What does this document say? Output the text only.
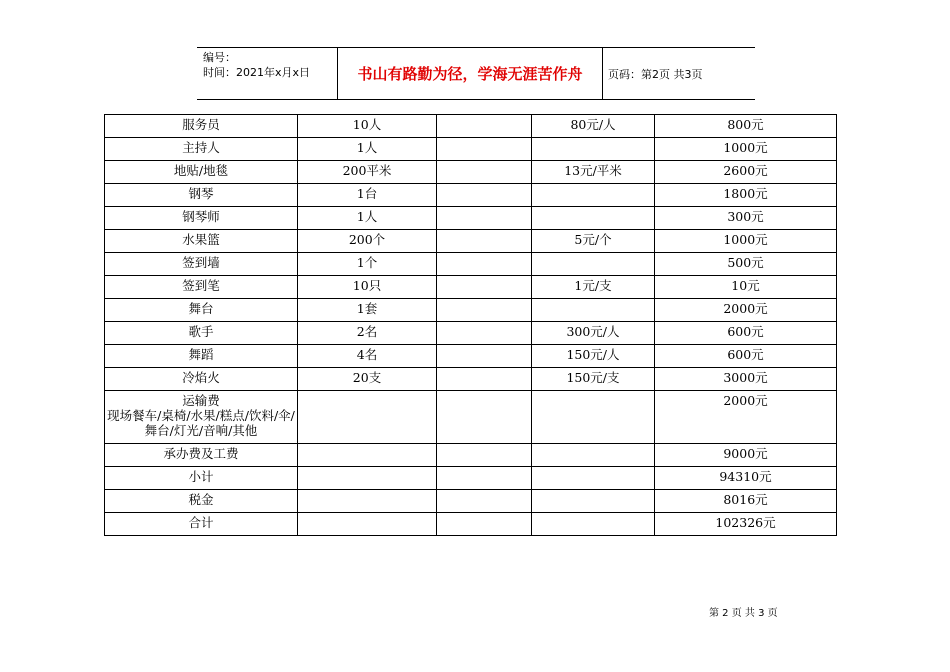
编号：
时间：2021年x月x日	书山有路勤为径，学海无涯苦作舟	页码：第2页 共3页
服务员	10人		80元/人	800元
主持人	1人			1000元
地贴/地毯	200平米		13元/平米	2600元
钢琴	1台			1800元
钢琴师	1人			300元
水果篮	200个		5元/个	1000元
签到墙	1个			500元
签到笔	10只		1元/支	10元
舞台	1套			2000元
歌手	2名		300元/人	600元
舞蹈	4名		150元/人	600元
冷焰火	20支		150元/支	3000元
运输费
现场餐车/桌椅/水果/糕点/饮料/伞/舞台/灯光/音响/其他				2000元
承办费及工费				9000元
小计				94310元
税金				8016元
合计				102326元
第 2 页 共 3 页
